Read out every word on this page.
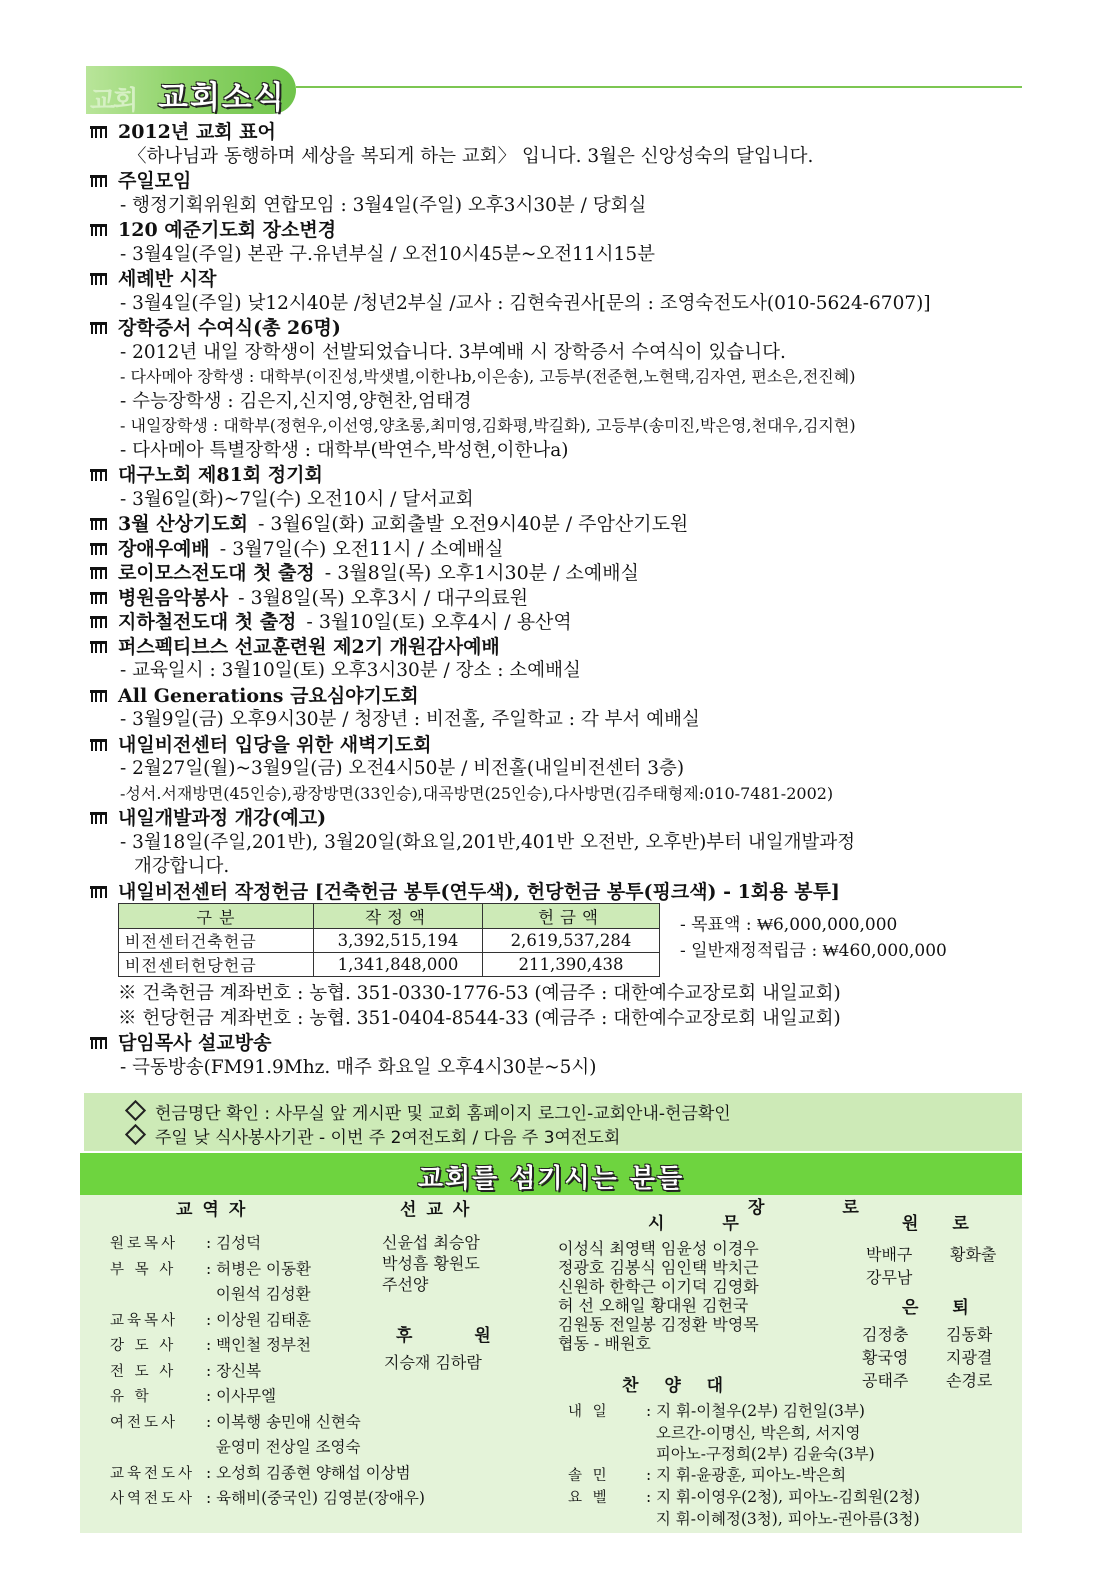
교회 교회소식
2012년 교회 표어
〈하나님과 동행하며 세상을 복되게 하는 교회〉 입니다. 3월은 신앙성숙의 달입니다.
주일모임
- 행정기획위원회 연합모임 : 3월4일(주일) 오후3시30분 / 당회실
120 예준기도회 장소변경
- 3월4일(주일) 본관 구.유년부실 / 오전10시45분~오전11시15분
세례반 시작
- 3월4일(주일) 낮12시40분 /청년2부실 /교사 : 김현숙권사[문의 : 조영숙전도사(010-5624-6707)]
장학증서 수여식(총 26명)
- 2012년 내일 장학생이 선발되었습니다. 3부예배 시 장학증서 수여식이 있습니다.
- 다사메아 장학생 : 대학부(이진성,박샛별,이한나b,이은송), 고등부(전준현,노현택,김자연, 편소은,전진혜)
- 수능장학생 : 김은지,신지영,양현찬,엄태경
- 내일장학생 : 대학부(정현우,이선영,양초롱,최미영,김화평,박길화), 고등부(송미진,박은영,천대우,김지현)
- 다사메아 특별장학생 : 대학부(박연수,박성현,이한나a)
대구노회 제81회 정기회
- 3월6일(화)~7일(수) 오전10시 / 달서교회
3월 산상기도회 - 3월6일(화) 교회출발 오전9시40분 / 주암산기도원
장애우예배 - 3월7일(수) 오전11시 / 소예배실
로이모스전도대 첫 출정 - 3월8일(목) 오후1시30분 / 소예배실
병원음악봉사 - 3월8일(목) 오후3시 / 대구의료원
지하철전도대 첫 출정 - 3월10일(토) 오후4시 / 용산역
퍼스펙티브스 선교훈련원 제2기 개원감사예배
- 교육일시 : 3월10일(토) 오후3시30분 / 장소 : 소예배실
All Generations 금요심야기도회
- 3월9일(금) 오후9시30분 / 청장년 : 비전홀, 주일학교 : 각 부서 예배실
내일비전센터 입당을 위한 새벽기도회
- 2월27일(월)~3월9일(금) 오전4시50분 / 비전홀(내일비전센터 3층)
-성서.서재방면(45인승),광장방면(33인승),대곡방면(25인승),다사방면(김주태형제:010-7481-2002)
내일개발과정 개강(예고)
- 3월18일(주일,201반), 3월20일(화요일,201반,401반 오전반, 오후반)부터 내일개발과정
개강합니다.
내일비전센터 작정헌금 [건축헌금 봉투(연두색), 헌당헌금 봉투(핑크색) - 1회용 봉투]
구 분	작정액	헌금액
비전센터건축헌금	3,392,515,194	2,619,537,284
비전센터헌당헌금	1,341,848,000	211,390,438
- 목표액 : ₩6,000,000,000
- 일반재정적립금 : ₩460,000,000
※ 건축헌금 계좌번호 : 농협. 351-0330-1776-53 (예금주 : 대한예수교장로회 내일교회)
※ 헌당헌금 계좌번호 : 농협. 351-0404-8544-33 (예금주 : 대한예수교장로회 내일교회)
담임목사 설교방송
- 극동방송(FM91.9Mhz. 매주 화요일 오후4시30분~5시)
헌금명단 확인 : 사무실 앞 게시판 및 교회 홈페이지 로그인-교회안내-헌금확인
주일 낮 식사봉사기관 - 이번 주 2여전도회 / 다음 주 3여전도회
교회를 섬기시는 분들
교역자
원로목사 : 김성덕
부 목 사 : 허병은 이동환
이원석 김성환
교육목사 : 이상원 김태훈
강 도 사 : 백인철 정부천
전 도 사 : 장신복
유 학	: 이사무엘
여전도사 : 이복행 송민애 신현숙
윤영미 전상일 조영숙
교육전도사 : 오성희 김종현 양해섭 이상범
사역전도사 : 육해비(중국인) 김영분(장애우)
선교사
신윤섭 최승암
박성흠 황원도
주선양
후 원
지승재 김하람
장로
시 무
이성식 최영택 임윤성 이경우
정광호 김봉식 임인택 박치근
신원하 한학근 이기덕 김영화
허 선 오해일 황대원 김헌국
김원동 전일봉 김정환 박영목
협동 - 배원호
원 로
박배구 황화출
강무남
은 퇴
김정충 김동화
황국영 지광결
공태주 손경로
찬 양 대
내 일 : 지 휘-이철우(2부) 김헌일(3부)
오르간-이명신, 박은희, 서지영
피아노-구정희(2부) 김윤숙(3부)
솔 민 : 지 휘-윤광훈, 피아노-박은희
요 벨 : 지 휘-이영우(2청), 피아노-김희원(2청)
지 휘-이혜정(3청), 피아노-권아름(3청)
